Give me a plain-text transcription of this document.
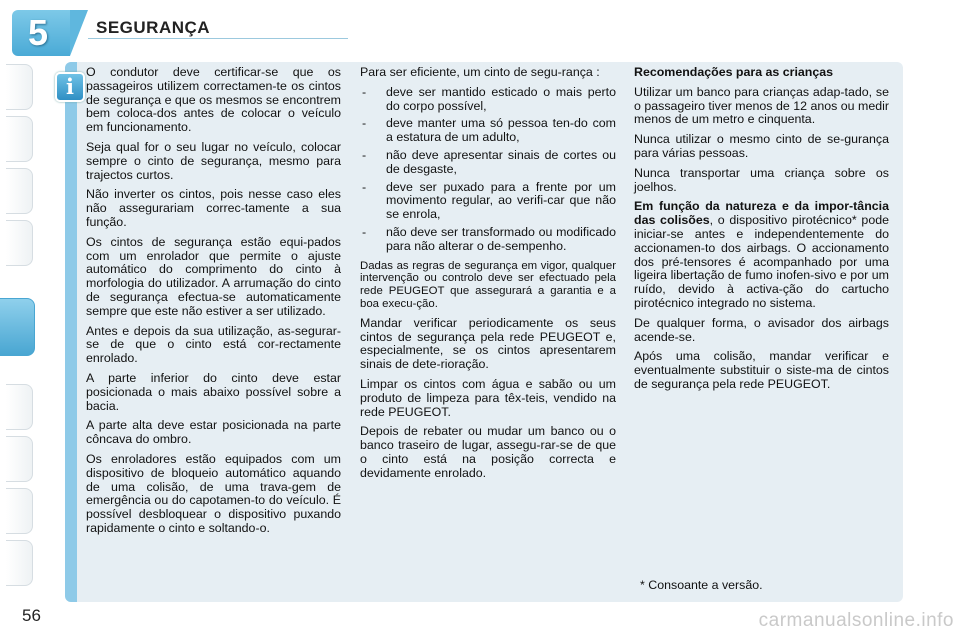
5	SEGURANÇA
i

O condutor deve certificar-se que os passageiros utilizem correctamen-te os cintos de segurança e que os mesmos se encontrem bem coloca-dos antes de colocar o veículo em funcionamento.

Seja qual for o seu lugar no veículo, colocar sempre o cinto de segurança, mesmo para trajectos curtos.

Não inverter os cintos, pois nesse caso eles não assegurariam correc-tamente a sua função.

Os cintos de segurança estão equi-pados com um enrolador que permite o ajuste automático do comprimento do cinto à morfologia do utilizador. A arrumação do cinto de segurança efectua-se automaticamente sempre que este não estiver a ser utilizado.

Antes e depois da sua utilização, as-segurar-se de que o cinto está cor-rectamente enrolado.

A parte inferior do cinto deve estar posicionada o mais abaixo possível sobre a bacia.

A parte alta deve estar posicionada na parte côncava do ombro.

Os enroladores estão equipados com um dispositivo de bloqueio automático aquando de uma colisão, de uma trava-gem de emergência ou do capotamen-to do veículo. É possível desbloquear o dispositivo puxando rapidamente o cinto e soltando-o.

Para ser eficiente, um cinto de segu-rança :

- deve ser mantido esticado o mais perto do corpo possível,
- deve manter uma só pessoa ten-do com a estatura de um adulto,
- não deve apresentar sinais de cortes ou de desgaste,
- deve ser puxado para a frente por um movimento regular, ao verifi-car que não se enrola,
- não deve ser transformado ou modificado para não alterar o de-sempenho.

Dadas as regras de segurança em vigor, qualquer intervenção ou controlo deve ser efectuado pela rede PEUGEOT que assegurará a garantia e a boa execu-ção.

Mandar verificar periodicamente os seus cintos de segurança pela rede PEUGEOT e, especialmente, se os cintos apresentarem sinais de dete-rioração.

Limpar os cintos com água e sabão ou um produto de limpeza para têx-teis, vendido na rede PEUGEOT.

Depois de rebater ou mudar um banco ou o banco traseiro de lugar, assegu-rar-se de que o cinto está na posição correcta e devidamente enrolado.

Recomendações para as crianças

Utilizar um banco para crianças adap-tado, se o passageiro tiver menos de 12 anos ou medir menos de um metro e cinquenta.

Nunca utilizar o mesmo cinto de se-gurança para várias pessoas.

Nunca transportar uma criança sobre os joelhos.

Em função da natureza e da impor-tância das colisões, o dispositivo pirotécnico* pode iniciar-se antes e independentemente do accionamen-to dos airbags. O accionamento dos pré-tensores é acompanhado por uma ligeira libertação de fumo inofen-sivo e por um ruído, devido à activa-ção do cartucho pirotécnico integrado no sistema.

De qualquer forma, o avisador dos airbags acende-se.

Após uma colisão, mandar verificar e eventualmente substituir o siste-ma de cintos de segurança pela rede PEUGEOT.

* Consoante a versão.
56	carmanualsonline.info
